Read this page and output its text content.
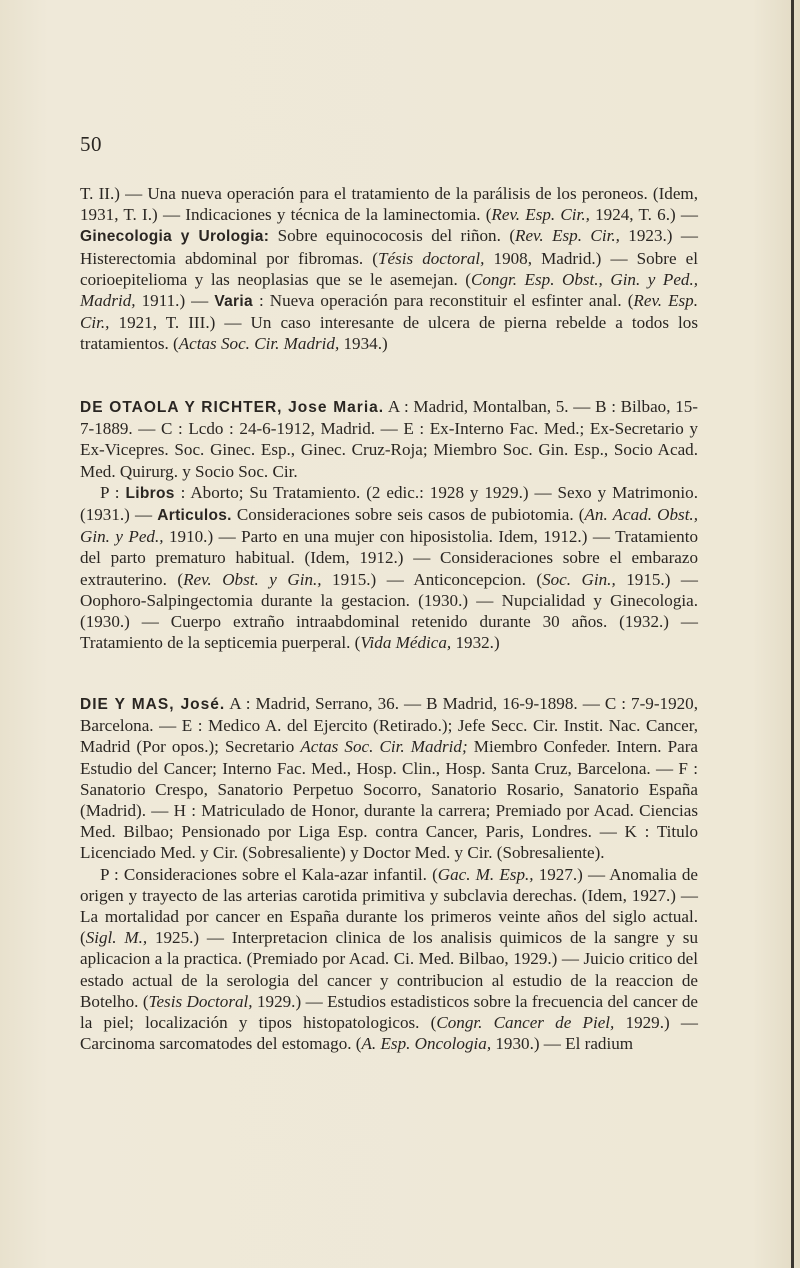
50

T. II.) — Una nueva operación para el tratamiento de la parálisis de los peroneos. (Idem, 1931, T. I.) — Indicaciones y técnica de la laminectomia. (Rev. Esp. Cir., 1924, T. 6.) — Ginecologia y Urologia: Sobre equinococosis del riñon. (Rev. Esp. Cir., 1923.) — Histerectomia abdominal por fibromas. (Tésis doctoral, 1908, Madrid.) — Sobre el corioepitelioma y las neoplasias que se le asemejan. (Congr. Esp. Obst., Gin. y Ped., Madrid, 1911.) — Varia : Nueva operación para reconstituir el esfinter anal. (Rev. Esp. Cir., 1921, T. III.) — Un caso interesante de ulcera de pierna rebelde a todos los tratamientos. (Actas Soc. Cir. Madrid, 1934.)

DE OTAOLA Y RICHTER, Jose Maria. A : Madrid, Montalban, 5. — B : Bilbao, 15-7-1889. — C : Lcdo : 24-6-1912, Madrid. — E : Ex-Interno Fac. Med.; Ex-Secretario y Ex-Vicepres. Soc. Ginec. Esp., Ginec. Cruz-Roja; Miembro Soc. Gin. Esp., Socio Acad. Med. Quirurg. y Socio Soc. Cir.

P : Libros : Aborto; Su Tratamiento. (2 edic.: 1928 y 1929.) — Sexo y Matrimonio. (1931.) — Articulos. Consideraciones sobre seis casos de pubiotomia. (An. Acad. Obst., Gin. y Ped., 1910.) — Parto en una mujer con hiposistolia. Idem, 1912.) — Tratamiento del parto prematuro habitual. (Idem, 1912.) — Consideraciones sobre el embarazo extrauterino. (Rev. Obst. y Gin., 1915.) — Anticoncepcion. (Soc. Gin., 1915.) — Oophoro-Salpingectomia durante la gestacion. (1930.) — Nupcialidad y Ginecologia. (1930.) — Cuerpo extraño intraabdominal retenido durante 30 años. (1932.) — Tratamiento de la septicemia puerperal. (Vida Médica, 1932.)

DIE Y MAS, José. A : Madrid, Serrano, 36. — B Madrid, 16-9-1898. — C : 7-9-1920, Barcelona. — E : Medico A. del Ejercito (Retirado.); Jefe Secc. Cir. Instit. Nac. Cancer, Madrid (Por opos.); Secretario Actas Soc. Cir. Madrid; Miembro Confeder. Intern. Para Estudio del Cancer; Interno Fac. Med., Hosp. Clin., Hosp. Santa Cruz, Barcelona. — F : Sanatorio Crespo, Sanatorio Perpetuo Socorro, Sanatorio Rosario, Sanatorio España (Madrid). — H : Matriculado de Honor, durante la carrera; Premiado por Acad. Ciencias Med. Bilbao; Pensionado por Liga Esp. contra Cancer, Paris, Londres. — K : Titulo Licenciado Med. y Cir. (Sobresaliente) y Doctor Med. y Cir. (Sobresaliente).

P : Consideraciones sobre el Kala-azar infantil. (Gac. M. Esp., 1927.) — Anomalia de origen y trayecto de las arterias carotida primitiva y subclavia derechas. (Idem, 1927.) — La mortalidad por cancer en España durante los primeros veinte años del siglo actual. (Sigl. M., 1925.) — Interpretacion clinica de los analisis quimicos de la sangre y su aplicacion a la practica. (Premiado por Acad. Ci. Med. Bilbao, 1929.) — Juicio critico del estado actual de la serologia del cancer y contribucion al estudio de la reaccion de Botelho. (Tesis Doctoral, 1929.) — Estudios estadisticos sobre la frecuencia del cancer de la piel; localización y tipos histopatologicos. (Congr. Cancer de Piel, 1929.) — Carcinoma sarcomatodes del estomago. (A. Esp. Oncologia, 1930.) — El radium
